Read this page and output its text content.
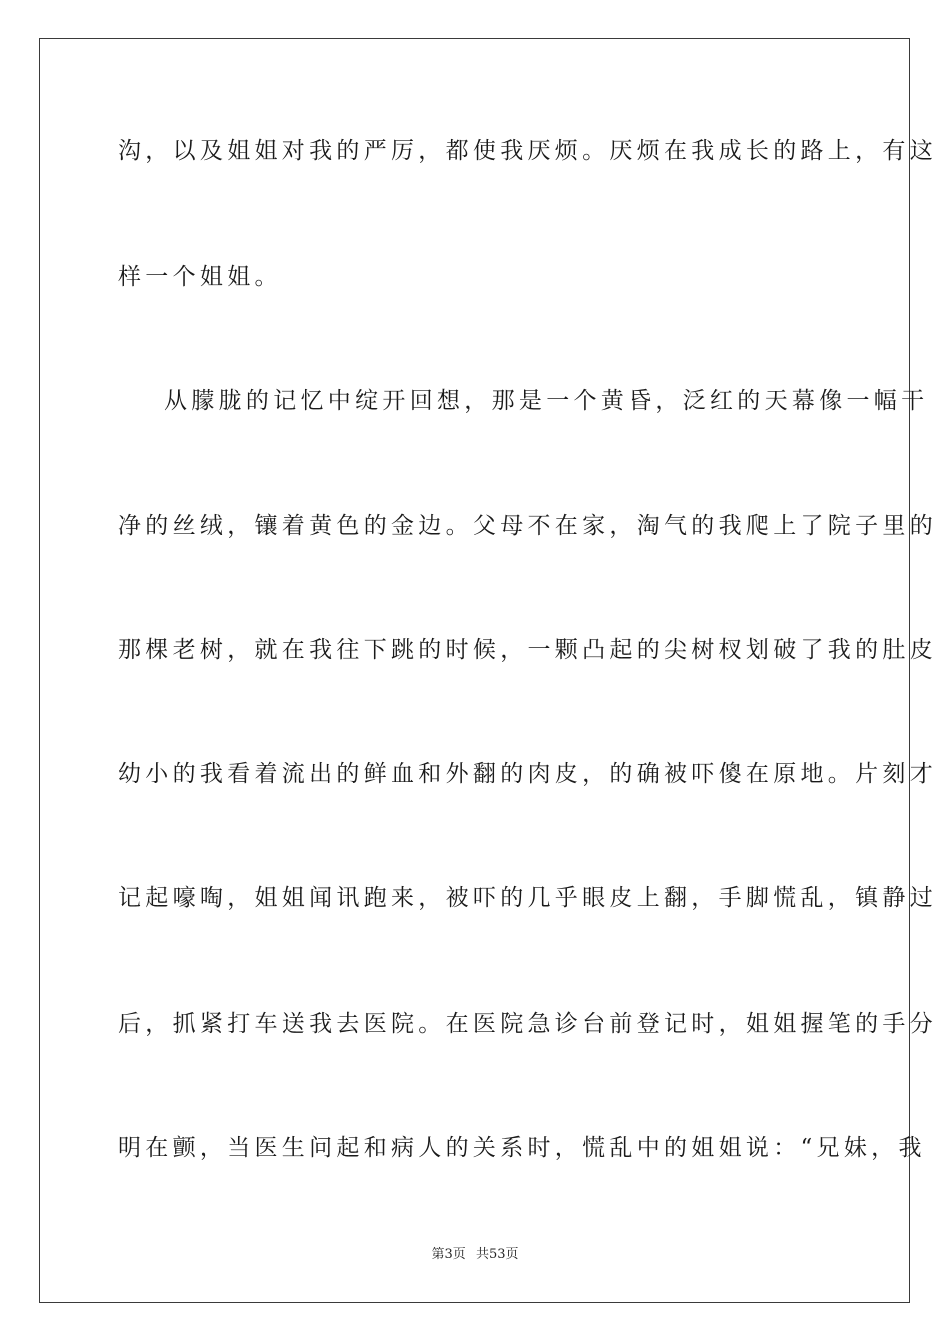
沟，以及姐姐对我的严厉，都使我厌烦。厌烦在我成长的路上，有这
样一个姐姐。
从朦胧的记忆中绽开回想，那是一个黄昏，泛红的天幕像一幅干
净的丝绒，镶着黄色的金边。父母不在家，淘气的我爬上了院子里的
那棵老树，就在我往下跳的时候，一颗凸起的尖树杈划破了我的肚皮
幼小的我看着流出的鲜血和外翻的肉皮，的确被吓傻在原地。片刻才
记起嚎啕，姐姐闻讯跑来，被吓的几乎眼皮上翻，手脚慌乱，镇静过
后，抓紧打车送我去医院。在医院急诊台前登记时，姐姐握笔的手分
明在颤，当医生问起和病人的关系时，慌乱中的姐姐说：“兄妹，我
第3页 共53页
